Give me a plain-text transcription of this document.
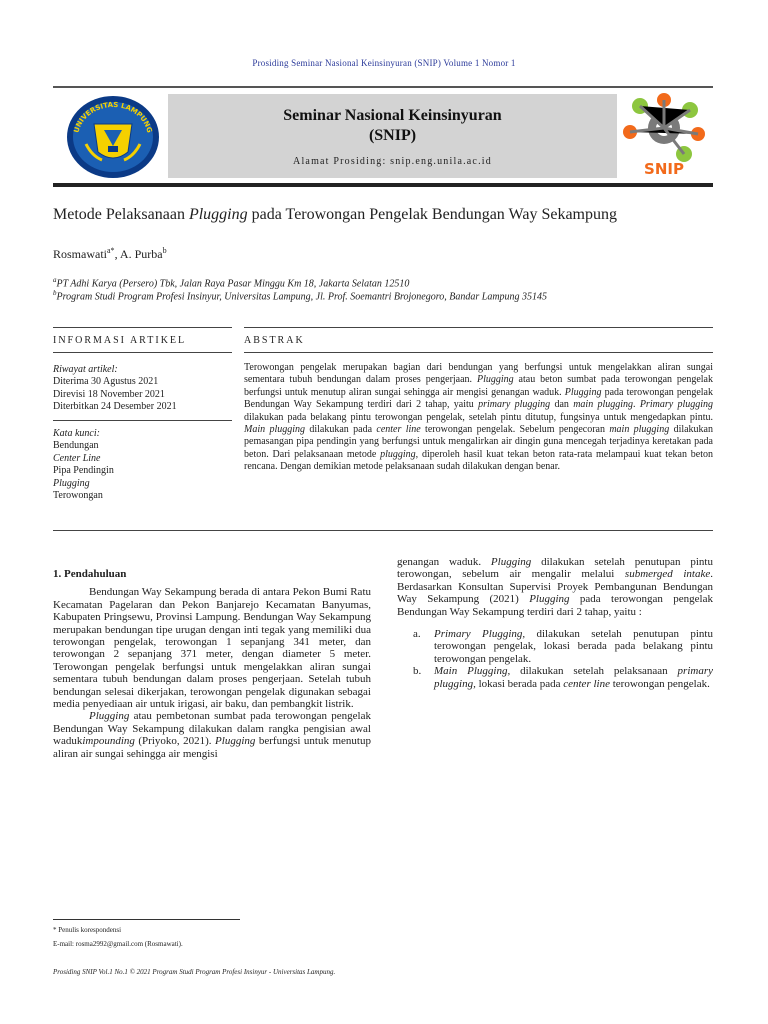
Prosiding Seminar Nasional Keinsinyuran (SNIP) Volume 1 Nomor 1
UNIVERSITAS LAMPUNG
Seminar Nasional Keinsinyuran
(SNIP)
Alamat Prosiding: snip.eng.unila.ac.id	SNIP
Metode Pelaksanaan Plugging pada Terowongan Pengelak Bendungan Way Sekampung
Rosmawati$^{a*}$, A. Purba$^b$
$^a$PT Adhi Karya (Persero) Tbk, Jalan Raya Pasar Minggu Km 18, Jakarta Selatan 12510
$^b$Program Studi Program Profesi Insinyur, Universitas Lampung, Jl. Prof. Soemantri Brojonegoro, Bandar Lampung 35145
INFORMASI ARTIKEL	ABSTRAK
Riwayat artikel:
Diterima 30 Agustus 2021
Direvisi 18 November 2021
Diterbitkan 24 Desember 2021
Kata kunci:
Bendungan
Center Line
Pipa Pendingin
Plugging
Terowongan
Terowongan pengelak merupakan bagian dari bendungan yang berfungsi untuk mengelakkan aliran sungai sementara tubuh bendungan dalam proses pengerjaan. Plugging atau beton sumbat pada terowongan pengelak berfungsi untuk menutup aliran sungai sehingga air mengisi genangan waduk. Plugging pada terowongan pengelak Bendungan Way Sekampung terdiri dari 2 tahap, yaitu primary plugging dan main plugging. Primary plugging dilakukan pada belakang pintu terowongan pengelak, setelah pintu ditutup, fungsinya untuk mengedapkan pintu. Main plugging dilakukan pada center line terowongan pengelak. Sebelum pengecoran main plugging dilakukan pemasangan pipa pendingin yang berfungsi untuk mengalirkan air dingin guna mencegah terjadinya keretakan pada beton. Dari pelaksanaan metode plugging, diperoleh hasil kuat tekan beton rata-rata melampaui kuat tekan beton rencana. Dengan demikian metode pelaksanaan sudah dilakukan dengan benar.
1. Pendahuluan

Bendungan Way Sekampung berada di antara Pekon Bumi Ratu Kecamatan Pagelaran dan Pekon Banjarejo Kecamatan Banyumas, Kabupaten Pringsewu, Provinsi Lampung. Bendungan Way Sekampung merupakan bendungan tipe urugan dengan inti tegak yang memiliki dua terowongan pengelak, terowongan 1 sepanjang 341 meter, dan terowongan 2 sepanjang 371 meter, dengan diameter 5 meter. Terowongan pengelak berfungsi untuk mengelakkan aliran sungai sementara tubuh bendungan dalam proses pengerjaan. Setelah tubuh bendungan selesai dikerjakan, terowongan pengelak digunakan sebagai media penyediaan air untuk irigasi, air baku, dan pembangkit listrik.

Plugging atau pembetonan sumbat pada terowongan pengelak Bendungan Way Sekampung dilakukan dalam rangka pengisian awal wadukimpounding (Priyoko, 2021). Plugging berfungsi untuk menutup aliran air sungai sehingga air mengisi

genangan waduk. Plugging dilakukan setelah penutupan pintu terowongan, sebelum air mengalir melalui submerged intake. Berdasarkan Konsultan Supervisi Proyek Pembangunan Bendungan Way Sekampung (2021) Plugging pada terowongan pengelak Bendungan Way Sekampung terdiri dari 2 tahap, yaitu :

a. Primary Plugging, dilakukan setelah penutupan pintu terowongan pengelak, lokasi berada pada belakang pintu terowongan pengelak.
b. Main Plugging, dilakukan setelah pelaksanaan primary plugging, lokasi berada pada center line terowongan pengelak.
* Penulis korespondensi
E-mail: rosma2992@gmail.com (Rosmawati).
Prosiding SNIP Vol.1 No.1 © 2021 Program Studi Program Profesi Insinyur - Universitas Lampung.
